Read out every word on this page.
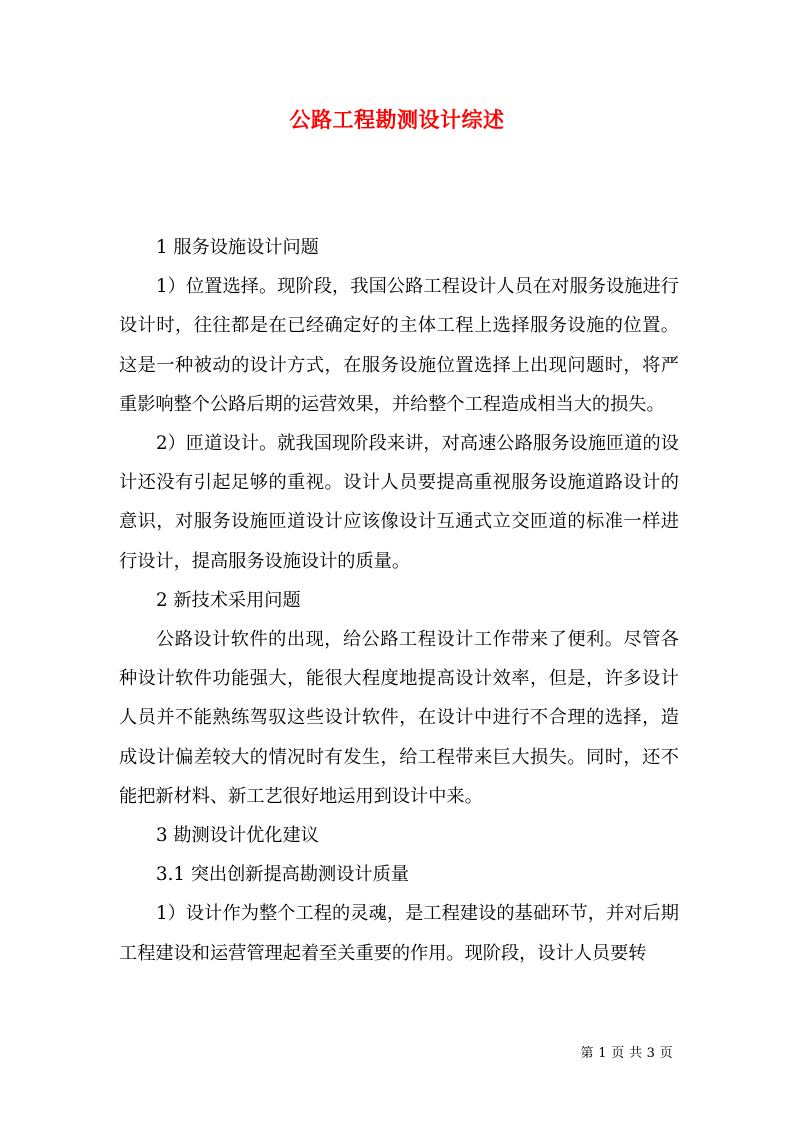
公路工程勘测设计综述

1 服务设施设计问题

1）位置选择。现阶段，我国公路工程设计人员在对服务设施进行设计时，往往都是在已经确定好的主体工程上选择服务设施的位置。这是一种被动的设计方式，在服务设施位置选择上出现问题时，将严重影响整个公路后期的运营效果，并给整个工程造成相当大的损失。

2）匝道设计。就我国现阶段来讲，对高速公路服务设施匝道的设计还没有引起足够的重视。设计人员要提高重视服务设施道路设计的意识，对服务设施匝道设计应该像设计互通式立交匝道的标准一样进行设计，提高服务设施设计的质量。

2 新技术采用问题

公路设计软件的出现，给公路工程设计工作带来了便利。尽管各种设计软件功能强大，能很大程度地提高设计效率，但是，许多设计人员并不能熟练驾驭这些设计软件，在设计中进行不合理的选择，造成设计偏差较大的情况时有发生，给工程带来巨大损失。同时，还不能把新材料、新工艺很好地运用到设计中来。

3 勘测设计优化建议

3.1 突出创新提高勘测设计质量

1）设计作为整个工程的灵魂，是工程建设的基础环节，并对后期工程建设和运营管理起着至关重要的作用。现阶段，设计人员要转

第 1 页 共 3 页
